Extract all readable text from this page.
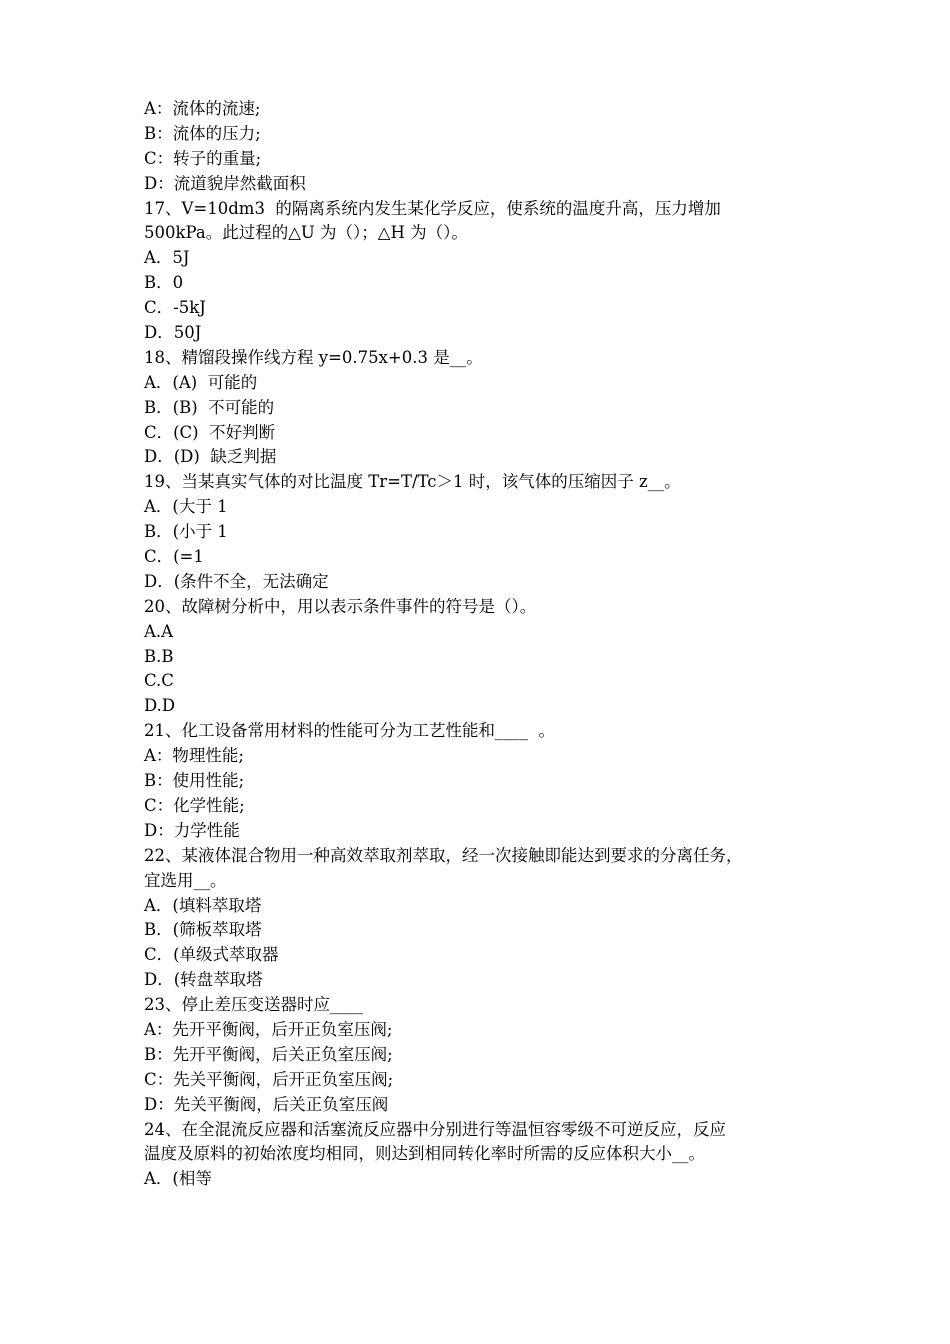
A：流体的流速;
B：流体的压力;
C：转子的重量;
D：流道貌岸然截面积
17、V=10dm3  的隔离系统内发生某化学反应，使系统的温度升高，压力增加
500kPa。此过程的△U 为（）；△H 为（）。
A．5J
B．0
C．-5kJ
D．50J
18、精馏段操作线方程 y=0.75x+0.3 是__。
A．(A)  可能的
B．(B)  不可能的
C．(C)  不好判断
D．(D)  缺乏判据
19、当某真实气体的对比温度 Tr=T/Tc＞1 时，该气体的压缩因子 z__。
A．(大于 1
B．(小于 1
C．(=1
D．(条件不全，无法确定
20、故障树分析中，用以表示条件事件的符号是（）。
A.A
B.B
C.C
D.D
21、化工设备常用材料的性能可分为工艺性能和____  。
A：物理性能;
B：使用性能;
C：化学性能;
D：力学性能
22、某液体混合物用一种高效萃取剂萃取，经一次接触即能达到要求的分离任务，
宜选用__。
A．(填料萃取塔
B．(筛板萃取塔
C．(单级式萃取器
D．(转盘萃取塔
23、停止差压变送器时应____
A：先开平衡阀，后开正负室压阀;
B：先开平衡阀，后关正负室压阀;
C：先关平衡阀，后开正负室压阀;
D：先关平衡阀，后关正负室压阀
24、在全混流反应器和活塞流反应器中分别进行等温恒容零级不可逆反应，反应
温度及原料的初始浓度均相同，则达到相同转化率时所需的反应体积大小__。
A．(相等
